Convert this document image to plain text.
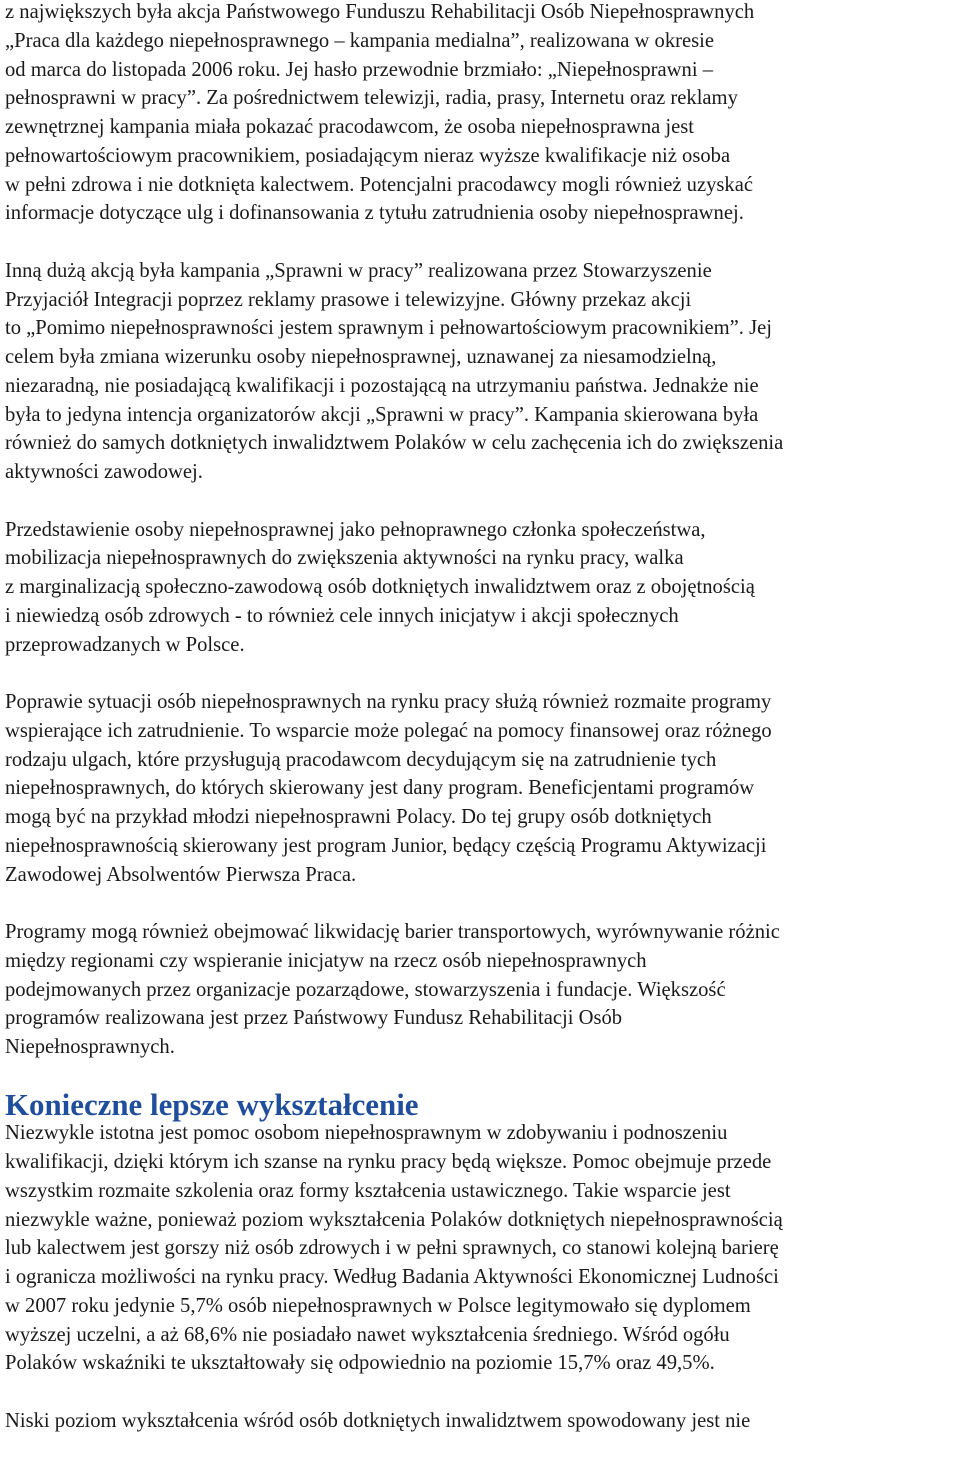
z największych była akcja Państwowego Funduszu Rehabilitacji Osób Niepełnosprawnych
„Praca dla każdego niepełnosprawnego – kampania medialna”, realizowana w okresie
od marca do listopada 2006 roku. Jej hasło przewodnie brzmiało: „Niepełnosprawni –
pełnosprawni w pracy”. Za pośrednictwem telewizji, radia, prasy, Internetu oraz reklamy
zewnętrznej kampania miała pokazać pracodawcom, że osoba niepełnosprawna jest
pełnowartościowym pracownikiem, posiadającym nieraz wyższe kwalifikacje niż osoba
w pełni zdrowa i nie dotknięta kalectwem. Potencjalni pracodawcy mogli również uzyskać
informacje dotyczące ulg i dofinansowania z tytułu zatrudnienia osoby niepełnosprawnej.

Inną dużą akcją była kampania „Sprawni w pracy” realizowana przez Stowarzyszenie
Przyjaciół Integracji poprzez reklamy prasowe i telewizyjne. Główny przekaz akcji
to „Pomimo niepełnosprawności jestem sprawnym i pełnowartościowym pracownikiem”. Jej
celem była zmiana wizerunku osoby niepełnosprawnej, uznawanej za niesamodzielną,
niezaradną, nie posiadającą kwalifikacji i pozostającą na utrzymaniu państwa. Jednakże nie
była to jedyna intencja organizatorów akcji „Sprawni w pracy”. Kampania skierowana była
również do samych dotkniętych inwalidztwem Polaków w celu zachęcenia ich do zwiększenia
aktywności zawodowej.

Przedstawienie osoby niepełnosprawnej jako pełnoprawnego członka społeczeństwa,
mobilizacja niepełnosprawnych do zwiększenia aktywności na rynku pracy, walka
z marginalizacją społeczno-zawodową osób dotkniętych inwalidztwem oraz z obojętnością
i niewiedzą osób zdrowych - to również cele innych inicjatyw i akcji społecznych
przeprowadzanych w Polsce.

Poprawie sytuacji osób niepełnosprawnych na rynku pracy służą również rozmaite programy
wspierające ich zatrudnienie. To wsparcie może polegać na pomocy finansowej oraz różnego
rodzaju ulgach, które przysługują pracodawcom decydującym się na zatrudnienie tych
niepełnosprawnych, do których skierowany jest dany program. Beneficjentami programów
mogą być na przykład młodzi niepełnosprawni Polacy. Do tej grupy osób dotkniętych
niepełnosprawnością skierowany jest program Junior, będący częścią Programu Aktywizacji
Zawodowej Absolwentów Pierwsza Praca.

Programy mogą również obejmować likwidację barier transportowych, wyrównywanie różnic
między regionami czy wspieranie inicjatyw na rzecz osób niepełnosprawnych
podejmowanych przez organizacje pozarządowe, stowarzyszenia i fundacje. Większość
programów realizowana jest przez Państwowy Fundusz Rehabilitacji Osób
Niepełnosprawnych.

Konieczne lepsze wykształcenie

Niezwykle istotna jest pomoc osobom niepełnosprawnym w zdobywaniu i podnoszeniu
kwalifikacji, dzięki którym ich szanse na rynku pracy będą większe. Pomoc obejmuje przede
wszystkim rozmaite szkolenia oraz formy kształcenia ustawicznego. Takie wsparcie jest
niezwykle ważne, ponieważ poziom wykształcenia Polaków dotkniętych niepełnosprawnością
lub kalectwem jest gorszy niż osób zdrowych i w pełni sprawnych, co stanowi kolejną barierę
i ogranicza możliwości na rynku pracy. Według Badania Aktywności Ekonomicznej Ludności
w 2007 roku jedynie 5,7% osób niepełnosprawnych w Polsce legitymowało się dyplomem
wyższej uczelni, a aż 68,6% nie posiadało nawet wykształcenia średniego. Wśród ogółu
Polaków wskaźniki te ukształtowały się odpowiednio na poziomie 15,7% oraz 49,5%.

Niski poziom wykształcenia wśród osób dotkniętych inwalidztwem spowodowany jest nie
